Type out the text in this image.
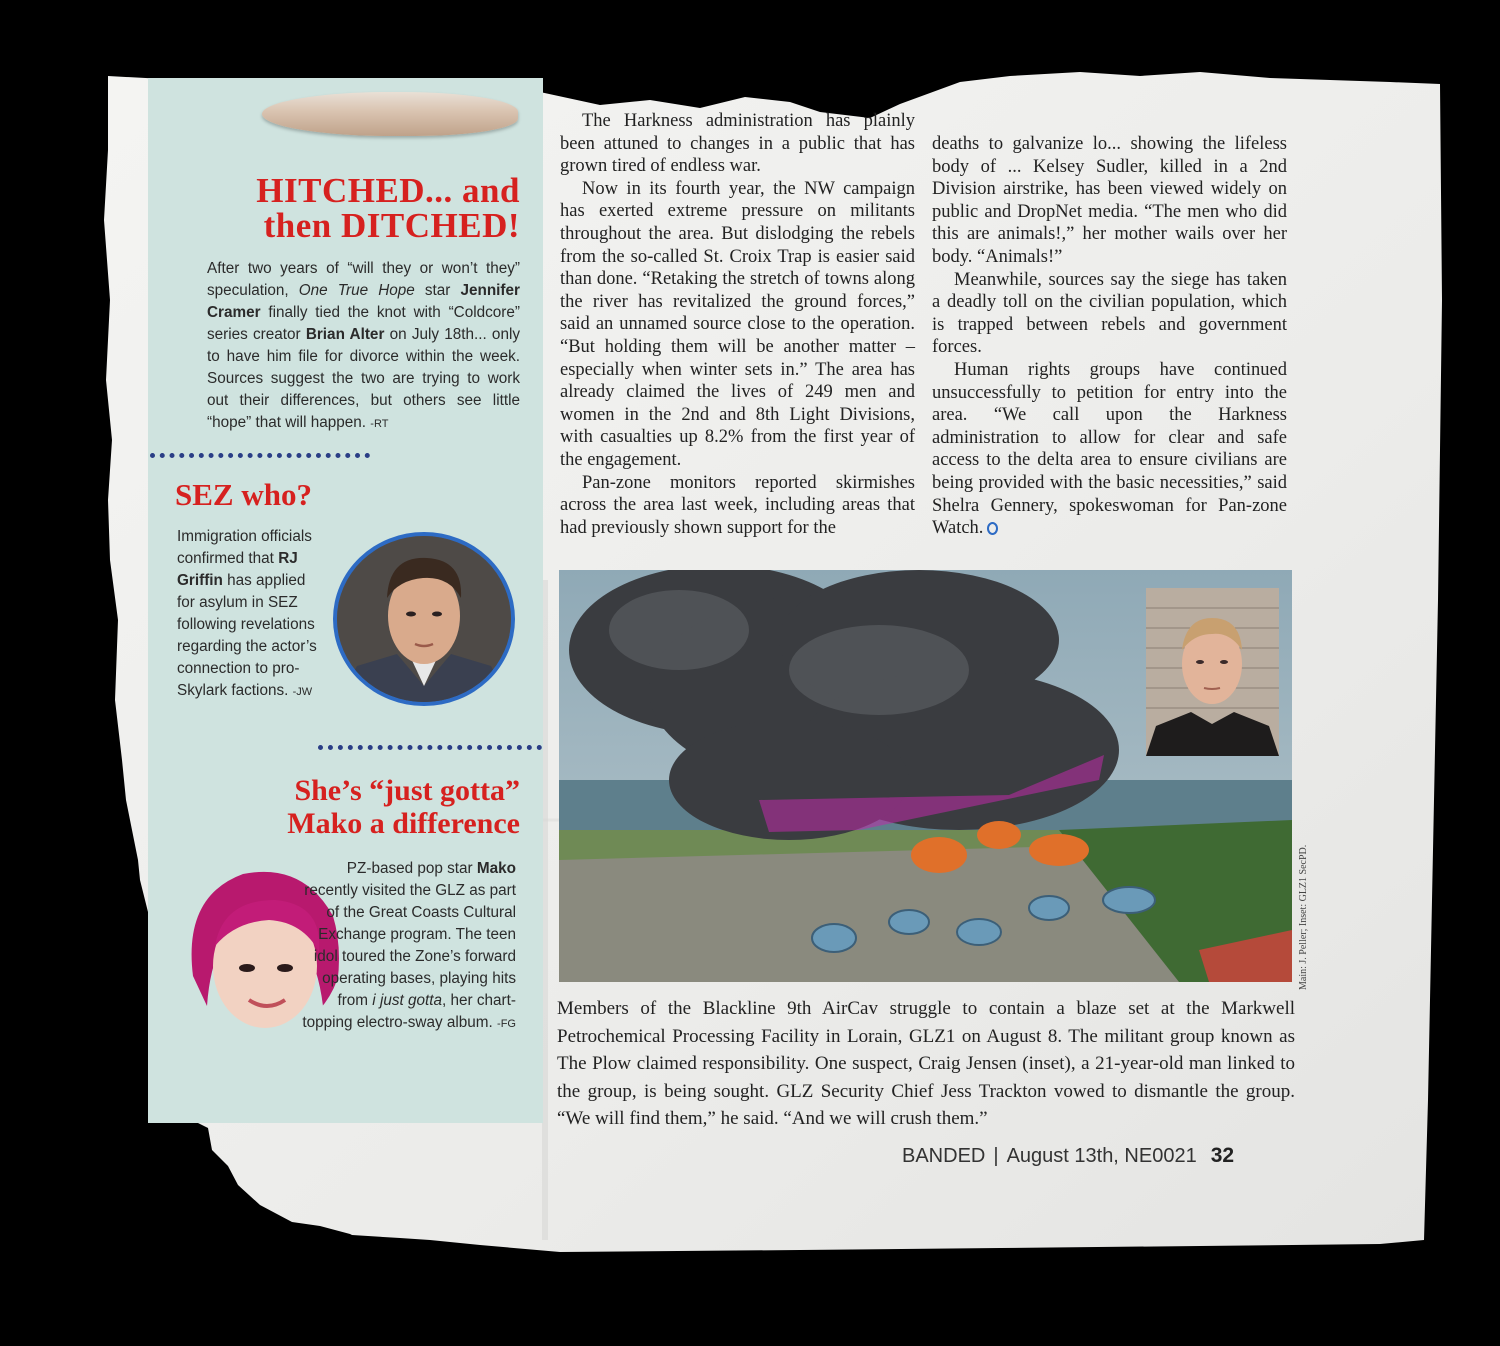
HITCHED... and
then DITCHED!
After two years of “will they or won’t they” speculation, One True Hope star Jennifer Cramer finally tied the knot with “Coldcore” series creator Brian Alter on July 18th... only to have him file for divorce within the week. Sources suggest the two are trying to work out their differences, but others see little “hope” that will happen. -RT
SEZ who?
Immigration officials confirmed that RJ Griffin has applied for asylum in SEZ following revelations regarding the actor’s connection to pro-Skylark factions. -JW
She’s “just gotta”
Mako a difference
PZ-based pop star Mako recently visited the GLZ as part of the Great Coasts Cultural Exchange program. The teen idol toured the Zone’s forward operating bases, playing hits from i just gotta, her chart-topping electro-sway album. -FG

The Harkness administration has plainly been attuned to changes in a public that has grown tired of endless war.

Now in its fourth year, the NW campaign has exerted extreme pressure on militants throughout the area. But dislodging the rebels from the so-called St. Croix Trap is easier said than done. “Retaking the stretch of towns along the river has revitalized the ground forces,” said an unnamed source close to the operation. “But holding them will be another matter – especially when winter sets in.” The area has already claimed the lives of 249 men and women in the 2nd and 8th Light Divisions, with casualties up 8.2% from the first year of the engagement.

Pan-zone monitors reported skirmishes across the area last week, including areas that had previously shown support for the

deaths to galvanize lo... showing the lifeless body of ... Kelsey Sudler, killed in a 2nd Division airstrike, has been viewed widely on public and DropNet media. “The men who did this are animals!,” her mother wails over her body. “Animals!”

Meanwhile, sources say the siege has taken a deadly toll on the civilian population, which is trapped between rebels and government forces.

Human rights groups have continued unsuccessfully to petition for entry into the area. “We call upon the Harkness administration to allow for clear and safe access to the delta area to ensure civilians are being provided with the basic necessities,” said Shelra Gennery, spokeswoman for Pan-zone Watch.

Main: J. Peller; Inset: GLZ1 SecPD.
Members of the Blackline 9th AirCav struggle to contain a blaze set at the Markwell Petrochemical Processing Facility in Lorain, GLZ1 on August 8. The militant group known as The Plow claimed responsibility. One suspect, Craig Jensen (inset), a 21-year-old man linked to the group, is being sought. GLZ Security Chief Jess Trackton vowed to dismantle the group. “We will find them,” he said. “And we will crush them.”
BANDED | August 13th, NE0021 32
